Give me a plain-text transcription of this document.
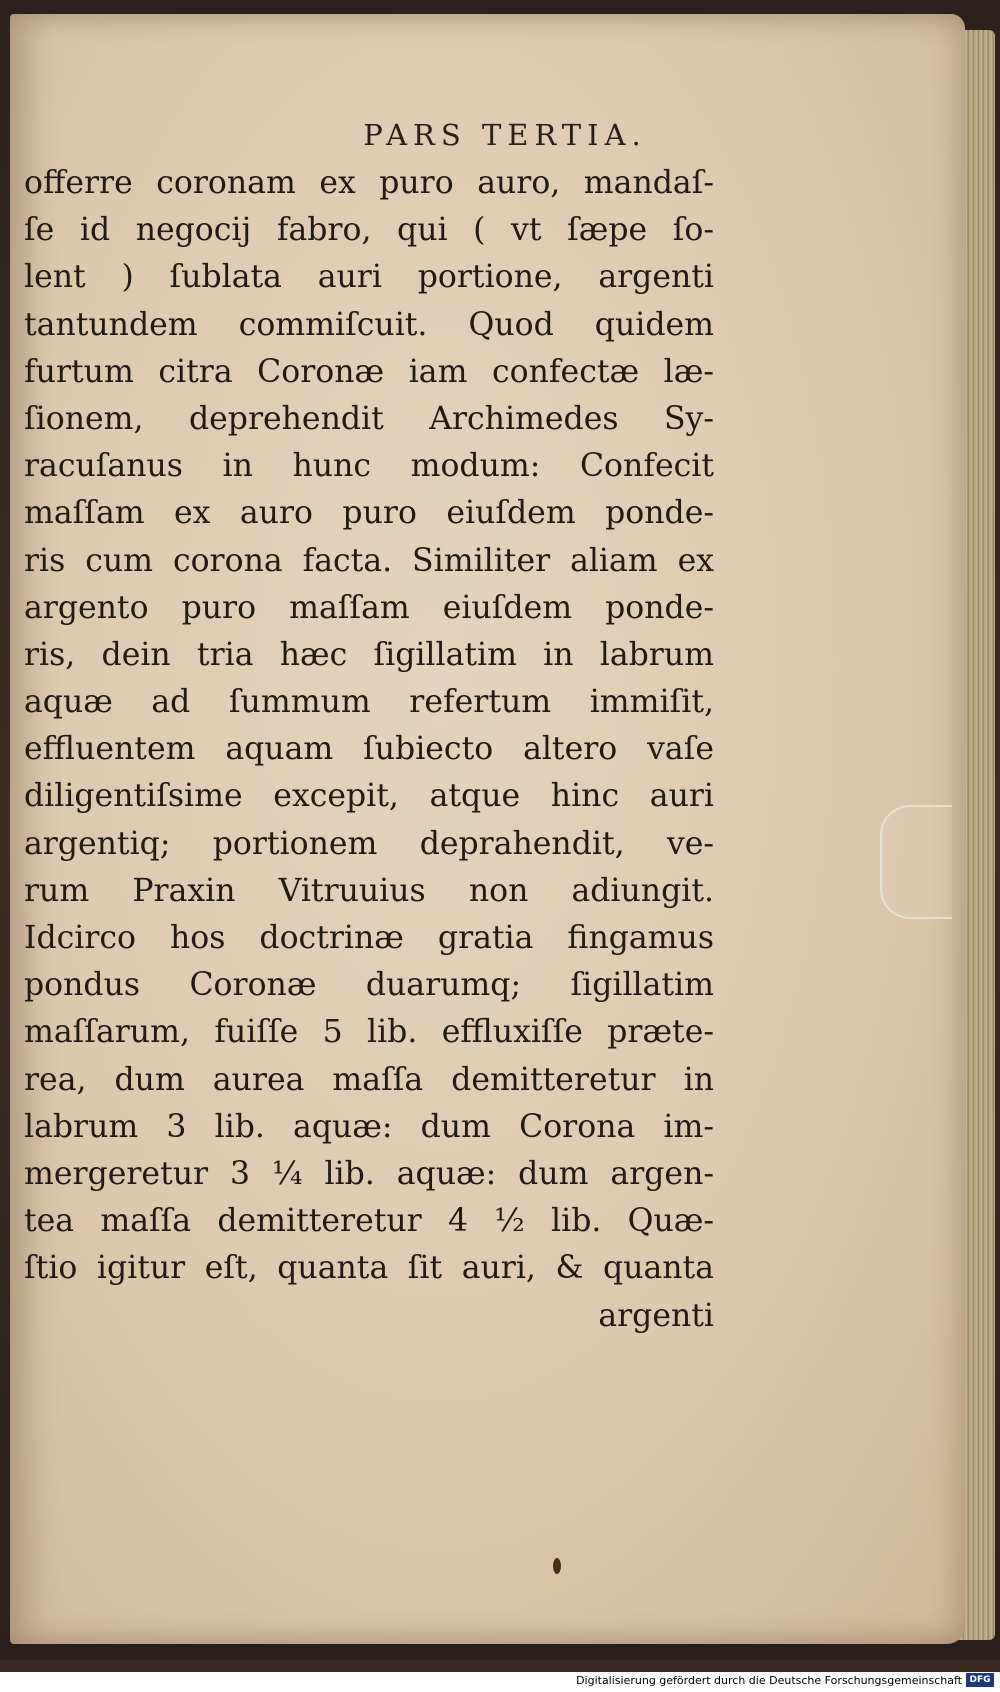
PARS TERTIA.
offerre coronam ex puro auro, mandaſ-
ſe id negocij fabro, qui ( vt ſæpe ſo-
lent ) ſublata auri portione, argenti
tantundem commiſcuit. Quod quidem
furtum citra Coronæ iam confectæ læ-
ſionem, deprehendit Archimedes Sy-
racuſanus in hunc modum: Confecit
maſſam ex auro puro eiuſdem ponde-
ris cum corona facta. Similiter aliam ex
argento puro maſſam eiuſdem ponde-
ris, dein tria hæc ſigillatim in labrum
aquæ ad ſummum refertum immiſit,
effluentem aquam ſubiecto altero vaſe
diligentiſsime excepit, atque hinc auri
argentiq; portionem deprahendit, ve-
rum Praxin Vitruuius non adiungit.
Idcirco hos doctrinæ gratia fingamus
pondus Coronæ duarumq; ſigillatim
maſſarum, fuiſſe 5 lib. effluxiſſe præte-
rea, dum aurea maſſa demitteretur in
labrum 3 lib. aquæ: dum Corona im-
mergeretur 3 ¼ lib. aquæ: dum argen-
tea maſſa demitteretur 4 ½ lib. Quæ-
ſtio igitur eſt, quanta ſit auri, & quanta
argenti
Digitalisierung gefördert durch die Deutsche Forschungsgemeinschaft DFG
